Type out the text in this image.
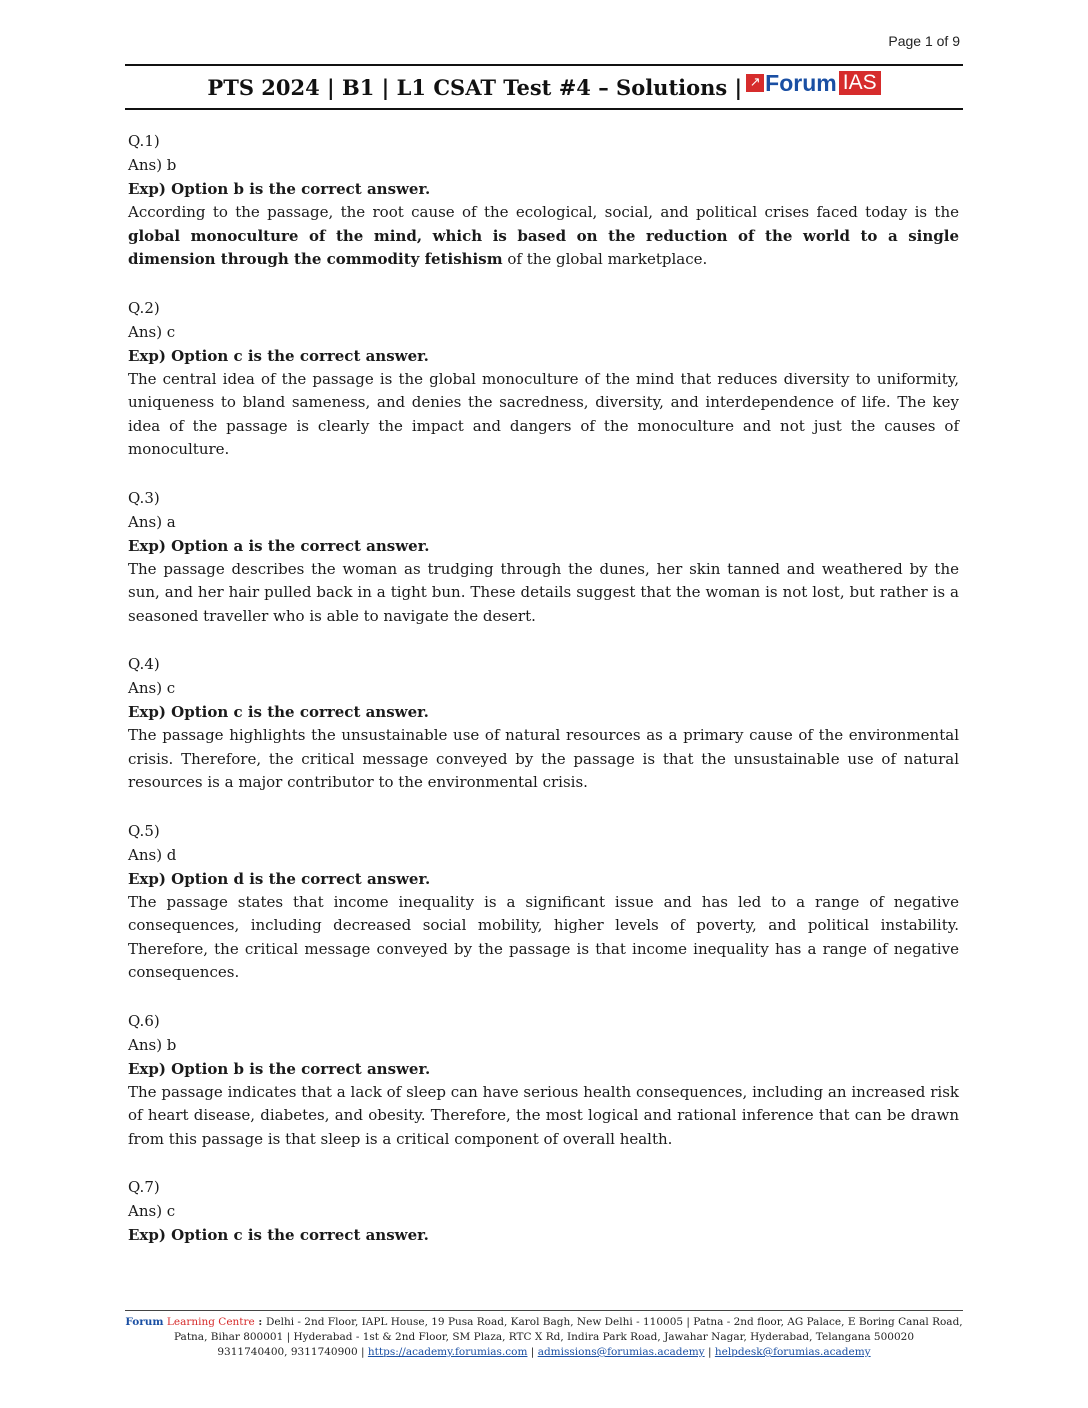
Page 1 of 9
PTS 2024 | B1 | L1 CSAT Test #4 – Solutions | ↗ Forum IAS

Q.1)

Ans) b

Exp) Option b is the correct answer.

According to the passage, the root cause of the ecological, social, and political crises faced today is the global monoculture of the mind, which is based on the reduction of the world to a single dimension through the commodity fetishism of the global marketplace.

Q.2)

Ans) c

Exp) Option c is the correct answer.

The central idea of the passage is the global monoculture of the mind that reduces diversity to uniformity, uniqueness to bland sameness, and denies the sacredness, diversity, and interdependence of life. The key idea of the passage is clearly the impact and dangers of the monoculture and not just the causes of monoculture.

Q.3)

Ans) a

Exp) Option a is the correct answer.

The passage describes the woman as trudging through the dunes, her skin tanned and weathered by the sun, and her hair pulled back in a tight bun. These details suggest that the woman is not lost, but rather is a seasoned traveller who is able to navigate the desert.

Q.4)

Ans) c

Exp) Option c is the correct answer.

The passage highlights the unsustainable use of natural resources as a primary cause of the environmental crisis. Therefore, the critical message conveyed by the passage is that the unsustainable use of natural resources is a major contributor to the environmental crisis.

Q.5)

Ans) d

Exp) Option d is the correct answer.

The passage states that income inequality is a significant issue and has led to a range of negative consequences, including decreased social mobility, higher levels of poverty, and political instability. Therefore, the critical message conveyed by the passage is that income inequality has a range of negative consequences.

Q.6)

Ans) b

Exp) Option b is the correct answer.

The passage indicates that a lack of sleep can have serious health consequences, including an increased risk of heart disease, diabetes, and obesity. Therefore, the most logical and rational inference that can be drawn from this passage is that sleep is a critical component of overall health.

Q.7)

Ans) c

Exp) Option c is the correct answer.

Forum Learning Centre : Delhi - 2nd Floor, IAPL House, 19 Pusa Road, Karol Bagh, New Delhi - 110005 | Patna - 2nd floor, AG Palace, E Boring Canal Road, Patna, Bihar 800001 | Hyderabad - 1st & 2nd Floor, SM Plaza, RTC X Rd, Indira Park Road, Jawahar Nagar, Hyderabad, Telangana 500020
9311740400, 9311740900 | https://academy.forumias.com | admissions@forumias.academy | helpdesk@forumias.academy
